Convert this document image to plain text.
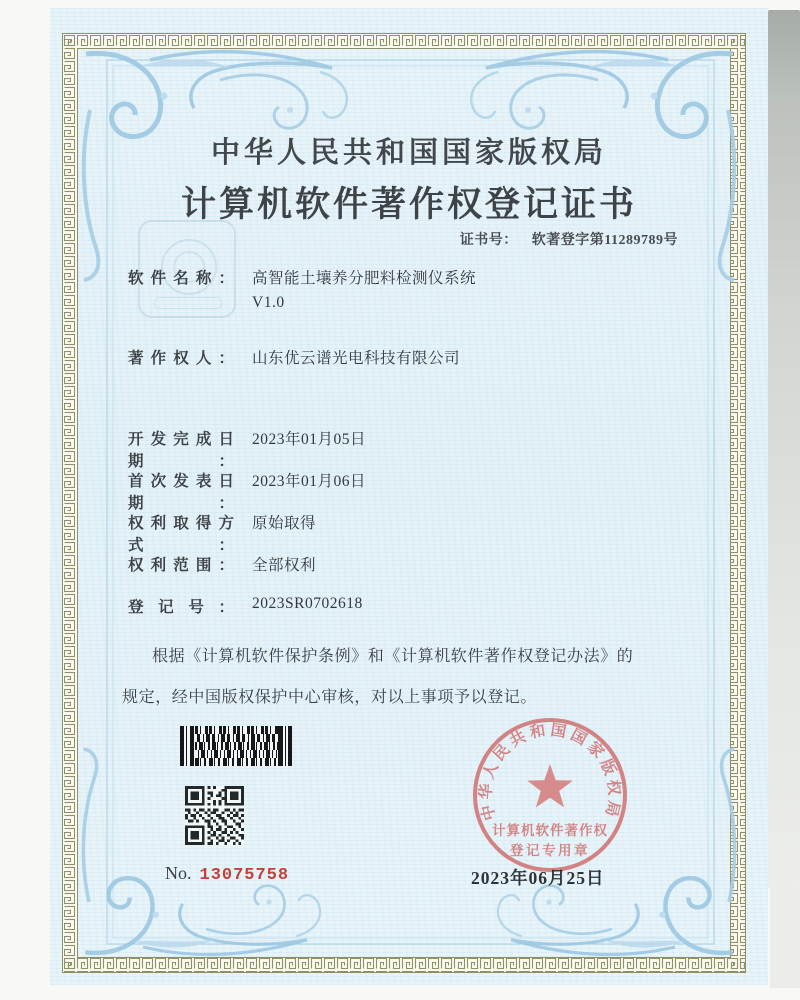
中华人民共和国国家版权局
计算机软件著作权登记证书
证书号： 软著登字第11289789号
软件名称： 高智能土壤养分肥料检测仪系统
V1.0
著作权人： 山东优云谱光电科技有限公司
开发完成日期：
2023年01月05日
首次发表日期：
2023年01月06日
权利取得方式：
原始取得
权利范围： 全部权利
登记号： 2023SR0702618
根据《计算机软件保护条例》和《计算机软件著作权登记办法》的
规定，经中国版权保护中心审核，对以上事项予以登记。
中华人民共和国国家版权局
计算机软件著作权
登记专用章
No. 13075758	2023年06月25日
